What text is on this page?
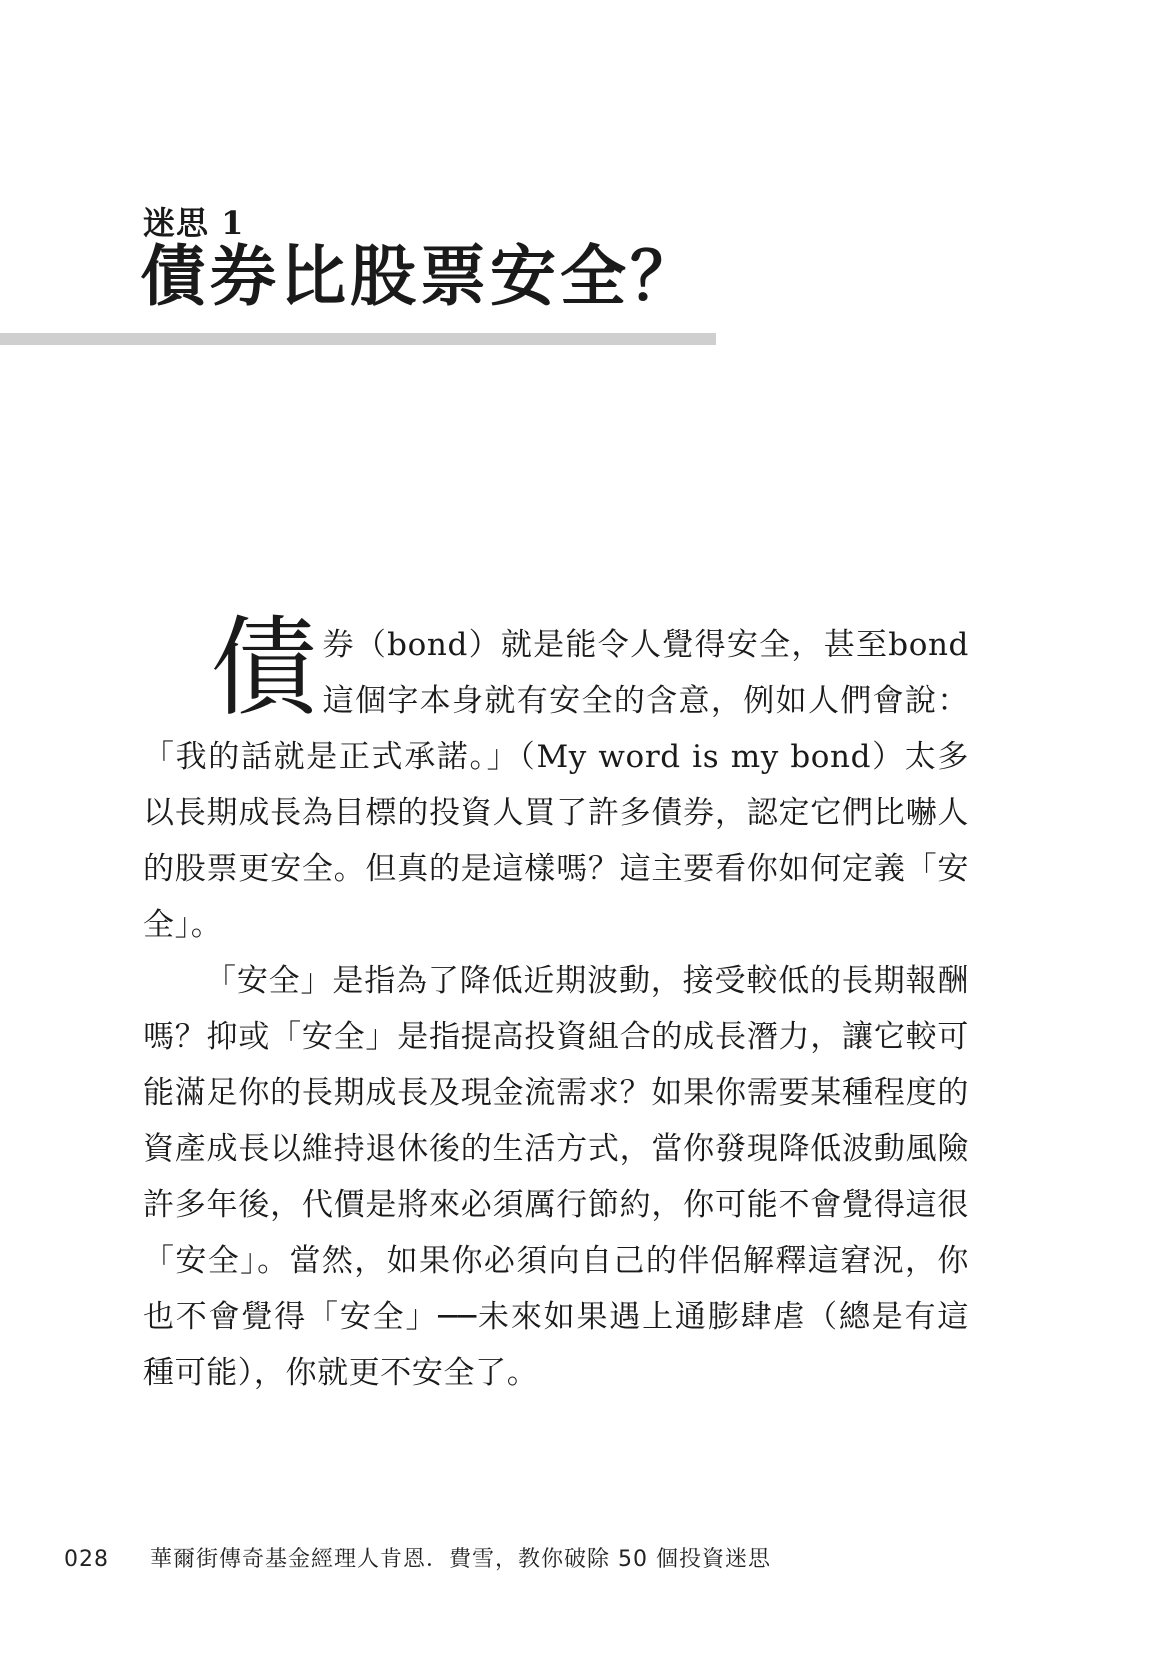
迷思 1
債券比股票安全？

債券（bond）就是能令人覺得安全，甚至bond這個字本身就有安全的含意，例如人們會說：「我的話就是正式承諾。」（My word is my bond）太多以長期成長為目標的投資人買了許多債券，認定它們比嚇人的股票更安全。但真的是這樣嗎？這主要看你如何定義「安全」。

「安全」是指為了降低近期波動，接受較低的長期報酬嗎？抑或「安全」是指提高投資組合的成長潛力，讓它較可能滿足你的長期成長及現金流需求？如果你需要某種程度的資產成長以維持退休後的生活方式，當你發現降低波動風險許多年後，代價是將來必須厲行節約，你可能不會覺得這很「安全」。當然，如果你必須向自己的伴侶解釋這窘況，你也不會覺得「安全」──未來如果遇上通膨肆虐（總是有這種可能），你就更不安全了。

028 華爾街傳奇基金經理人肯恩．費雪，教你破除 50 個投資迷思
